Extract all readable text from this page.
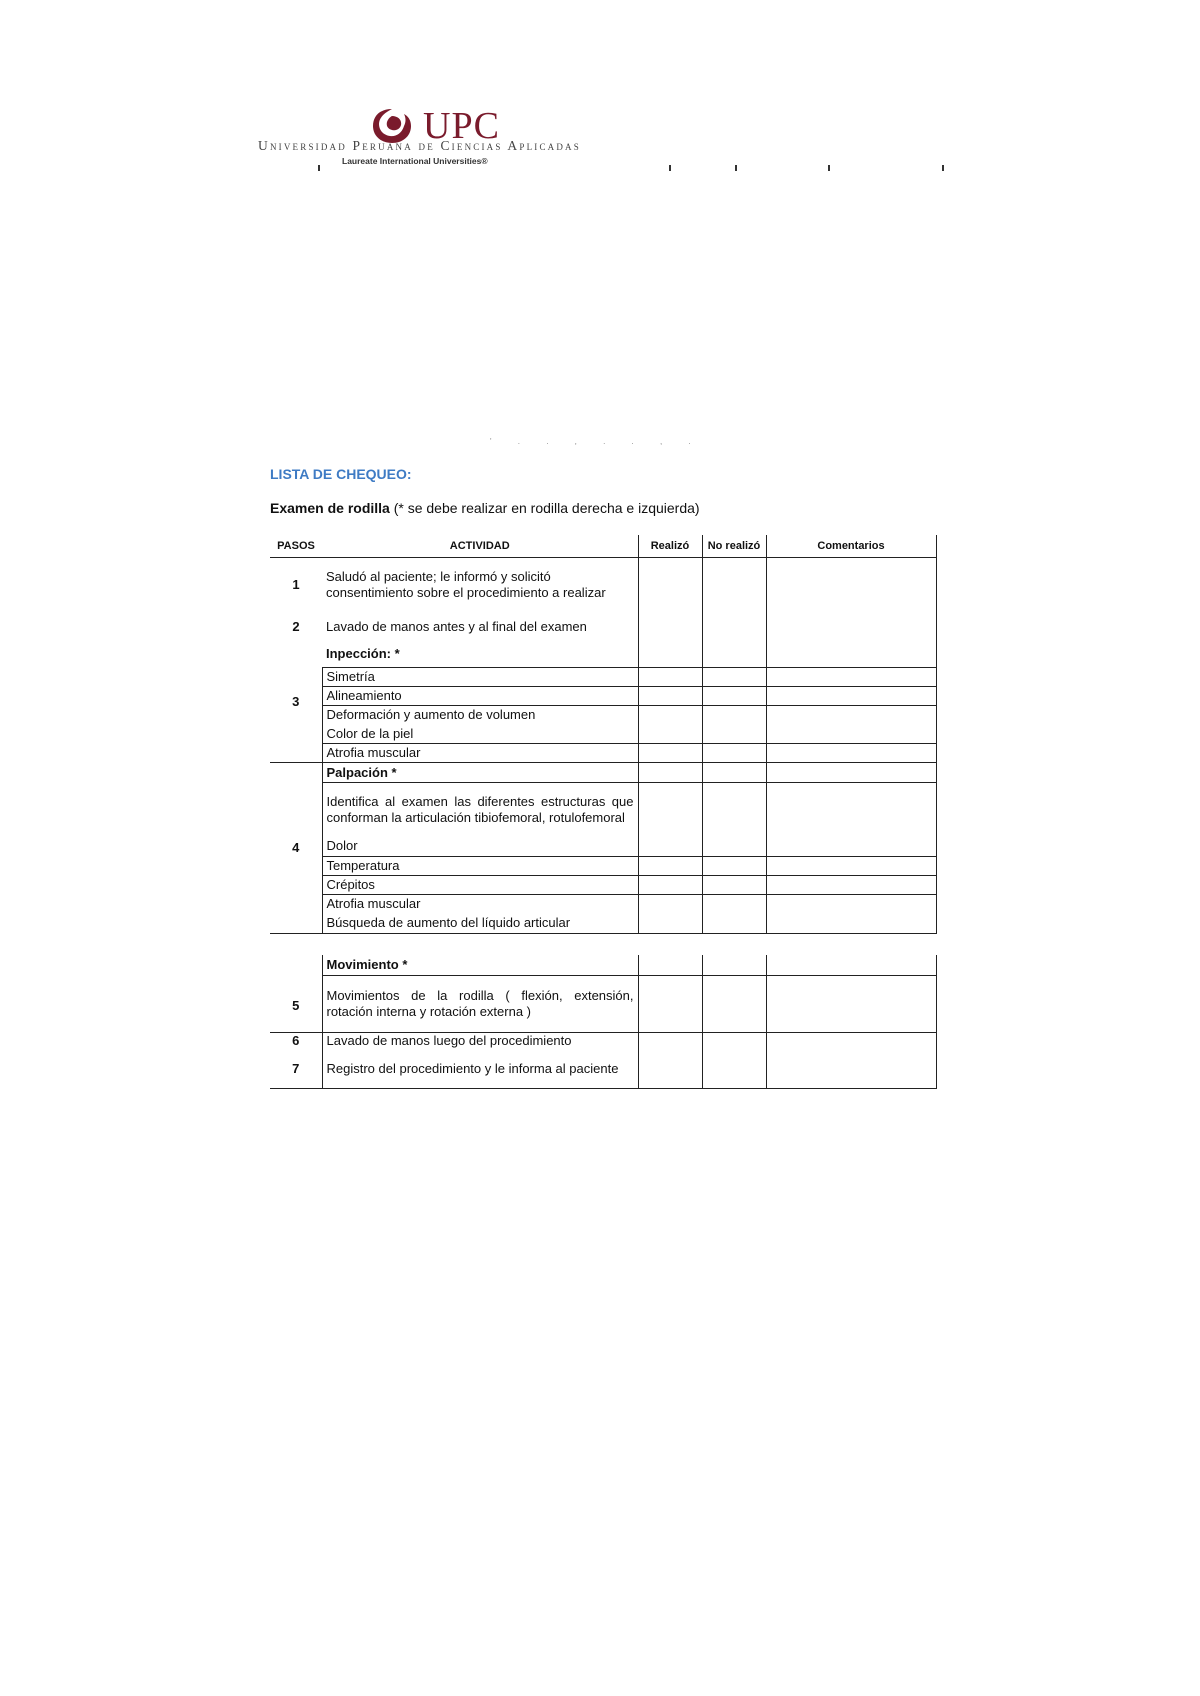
UPC
Universidad Peruana de Ciencias Aplicadas
Laureate International Universities®
' . . , . . , .
LISTA DE CHEQUEO:
Examen de rodilla (* se debe realizar en rodilla derecha e izquierda)
PASOS	ACTIVIDAD	Realizó	No realizó	Comentarios
1	Saludó al paciente; le informó y solicitó consentimiento sobre el procedimiento a realizar			
2	Lavado de manos antes y al final del examen			
3	Inpección: *			
	Simetría			
	Alineamiento			
	Deformación y aumento de volumen			
	Color de la piel			
	Atrofia muscular			
4	Palpación *			
	Identifica al examen las diferentes estructuras que conforman la articulación tibiofemoral, rotulofemoral			
	Dolor			
	Temperatura			
	Crépitos			
	Atrofia muscular			
	Búsqueda de aumento del líquido articular			
5	Movimiento *			
	Movimientos de la rodilla ( flexión, extensión, rotación interna y rotación externa )			
6	Lavado de manos luego del procedimiento			
7	Registro del procedimiento y le informa al paciente			
